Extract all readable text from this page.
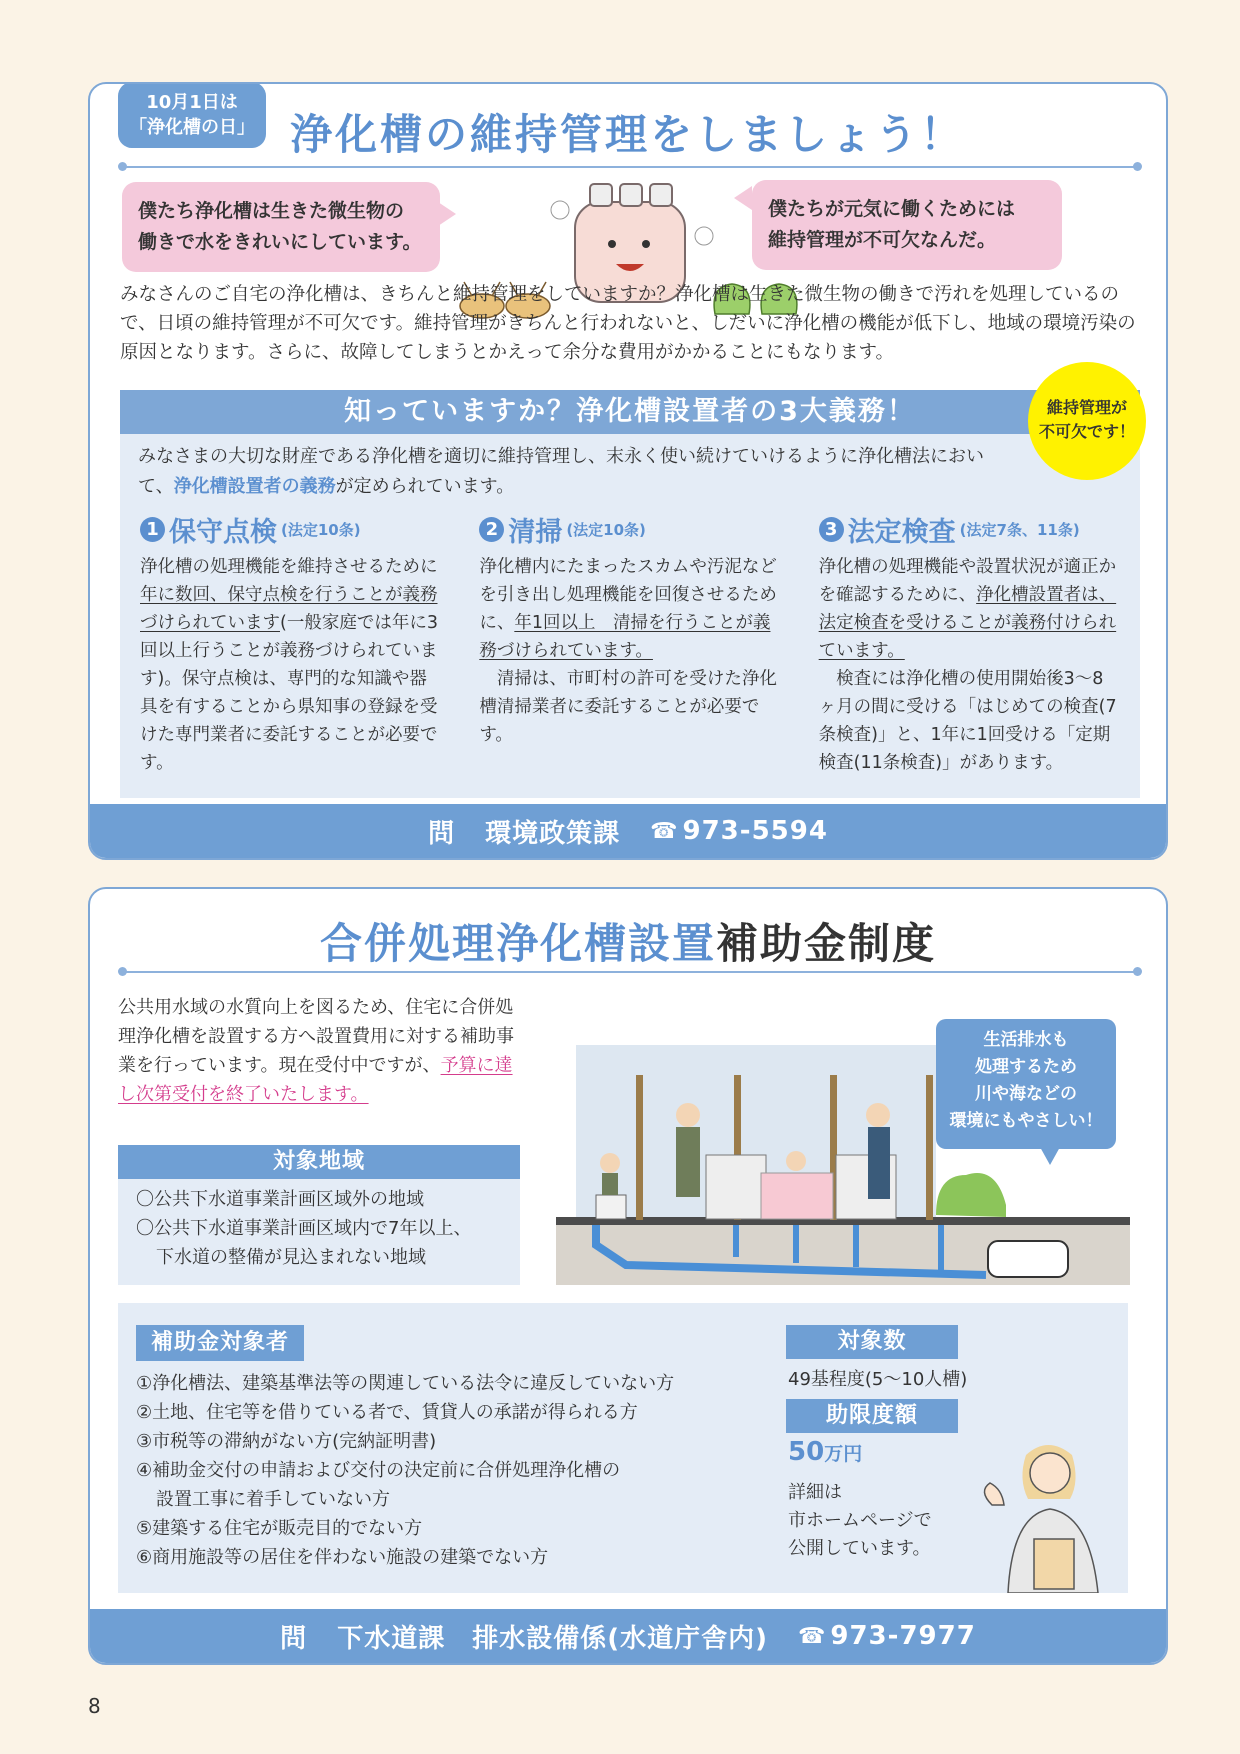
10月1日は
「浄化槽の日」 浄化槽の維持管理をしましょう！
僕たち浄化槽は生きた微生物の
働きで水をきれいにしています。
僕たちが元気に働くためには
維持管理が不可欠なんだ。

みなさんのご自宅の浄化槽は、きちんと維持管理をしていますか？浄化槽は生きた微生物の働きで汚れを処理しているので、日頃の維持管理が不可欠です。維持管理がきちんと行われないと、しだいに浄化槽の機能が低下し、地域の環境汚染の原因となります。さらに、故障してしまうとかえって余分な費用がかかることにもなります。

知っていますか？浄化槽設置者の3大義務！

みなさまの大切な財産である浄化槽を適切に維持管理し、末永く使い続けていけるように浄化槽法において、浄化槽設置者の義務が定められています。

1 保守点検 (法定10条)

浄化槽の処理機能を維持させるために年に数回、保守点検を行うことが義務づけられています(一般家庭では年に3回以上行うことが義務づけられています)。保守点検は、専門的な知識や器具を有することから県知事の登録を受けた専門業者に委託することが必要です。

2 清掃 (法定10条)

浄化槽内にたまったスカムや汚泥などを引き出し処理機能を回復させるために、年1回以上　清掃を行うことが義務づけられています。
　清掃は、市町村の許可を受けた浄化槽清掃業者に委託することが必要です。

3 法定検査 (法定7条、11条)

浄化槽の処理機能や設置状況が適正かを確認するために、浄化槽設置者は、法定検査を受けることが義務付けられています。
　検査には浄化槽の使用開始後3〜8ヶ月の間に受ける「はじめての検査(7条検査)」と、1年に1回受ける「定期検査(11条検査)」があります。

維持管理が
不可欠です！
問 環境政策課 ☎ 973-5594
合併処理浄化槽設置補助金制度

公共用水域の水質向上を図るため、住宅に合併処理浄化槽を設置する方へ設置費用に対する補助事業を行っています。現在受付中ですが、予算に達し次第受付を終了いたします。

対象地域
〇公共下水道事業計画区域外の地域
〇公共下水道事業計画区域内で7年以上、
下水道の整備が見込まれない地域
生活排水も
処理するため
川や海などの
環境にもやさしい！
補助金対象者
①浄化槽法、建築基準法等の関連している法令に違反していない方
②土地、住宅等を借りている者で、賃貸人の承諾が得られる方
③市税等の滞納がない方(完納証明書)
④補助金交付の申請および交付の決定前に合併処理浄化槽の
設置工事に着手していない方
⑤建築する住宅が販売目的でない方
⑥商用施設等の居住を伴わない施設の建築でない方
対象数
49基程度(5〜10人槽)
助限度額
50万円
詳細は
市ホームページで
公開しています。
問 下水道課　排水設備係(水道庁舎内) ☎ 973-7977
8
